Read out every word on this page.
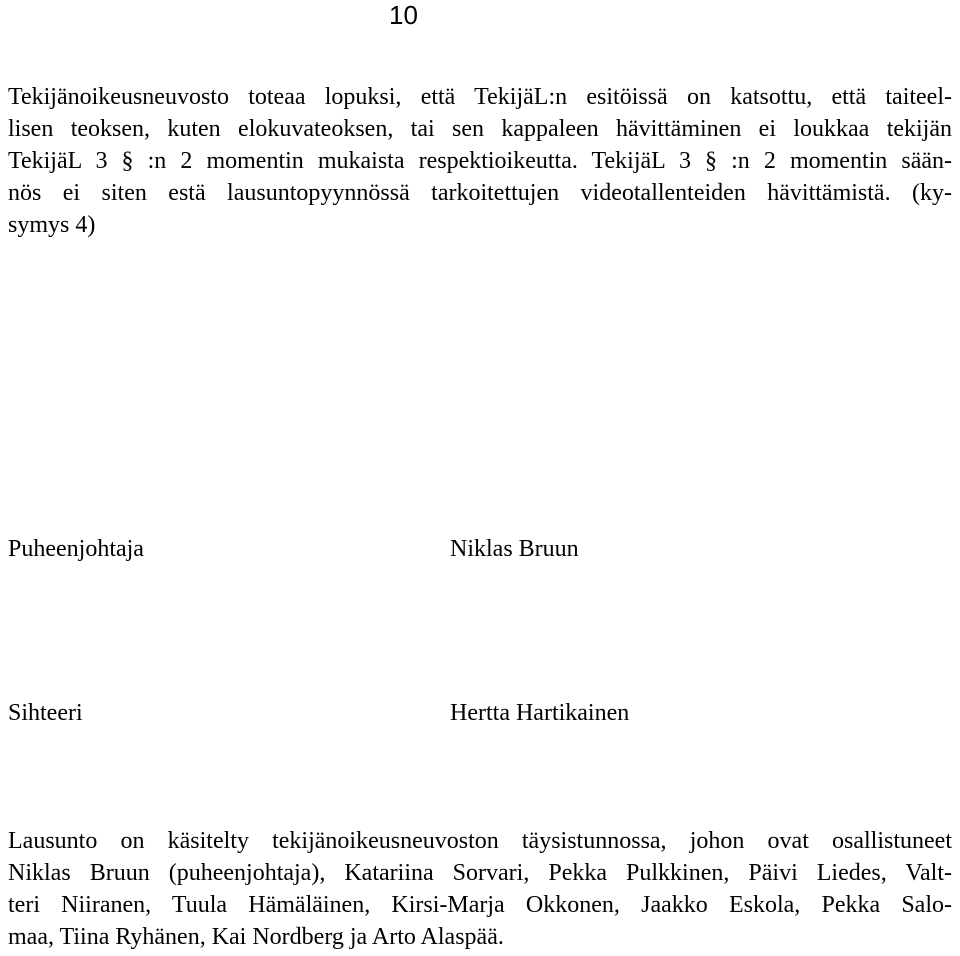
10
Tekijänoikeusneuvosto toteaa lopuksi, että TekijäL:n esitöissä on katsottu, että taiteel-
lisen teoksen, kuten elokuvateoksen, tai sen kappaleen hävittäminen ei loukkaa tekijän
TekijäL 3 § :n 2 momentin mukaista respektioikeutta. TekijäL 3 § :n 2 momentin sään-
nös ei siten estä lausuntopyynnössä tarkoitettujen videotallenteiden hävittämistä. (ky-
symys 4)
Puheenjohtaja	Niklas Bruun
Sihteeri	Hertta Hartikainen
Lausunto on käsitelty tekijänoikeusneuvoston täysistunnossa, johon ovat osallistuneet
Niklas Bruun (puheenjohtaja), Katariina Sorvari, Pekka Pulkkinen, Päivi Liedes, Valt-
teri Niiranen, Tuula Hämäläinen, Kirsi-Marja Okkonen, Jaakko Eskola, Pekka Salo-
maa, Tiina Ryhänen, Kai Nordberg ja Arto Alaspää.
